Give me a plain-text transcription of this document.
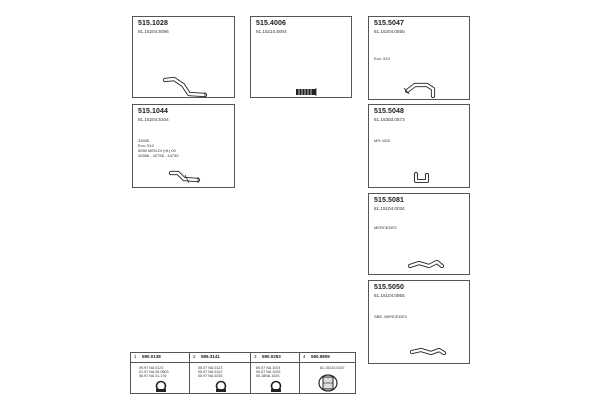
515.1028
81.15204.5096
515.4006
81.15210.5004
515.5047
81.15204.0555
Eco: 510
515.1044
81.15204.5104
33935
Eco: 510
5050 MEN.DI (rif.) 00
42656 - 42758 - 44739
515.5048
81.1530d.0573
MS: M20
515.5081
81.15104.0034
MERCEDES
515.5050
81.15104.0565
SBE, MERCEDES
1 590.0138
09.97 NA 0123
01.97 NA 06 0803
06.97 NA 01.176
2 589.3141
05.07 NA 0123
05.97 NA 0122
05.97 NA 0235
3 590.0293
89.07 NA 1024
00.07 NA 1025
00.18NA 1025
4 590.9809
81.15210.0247
